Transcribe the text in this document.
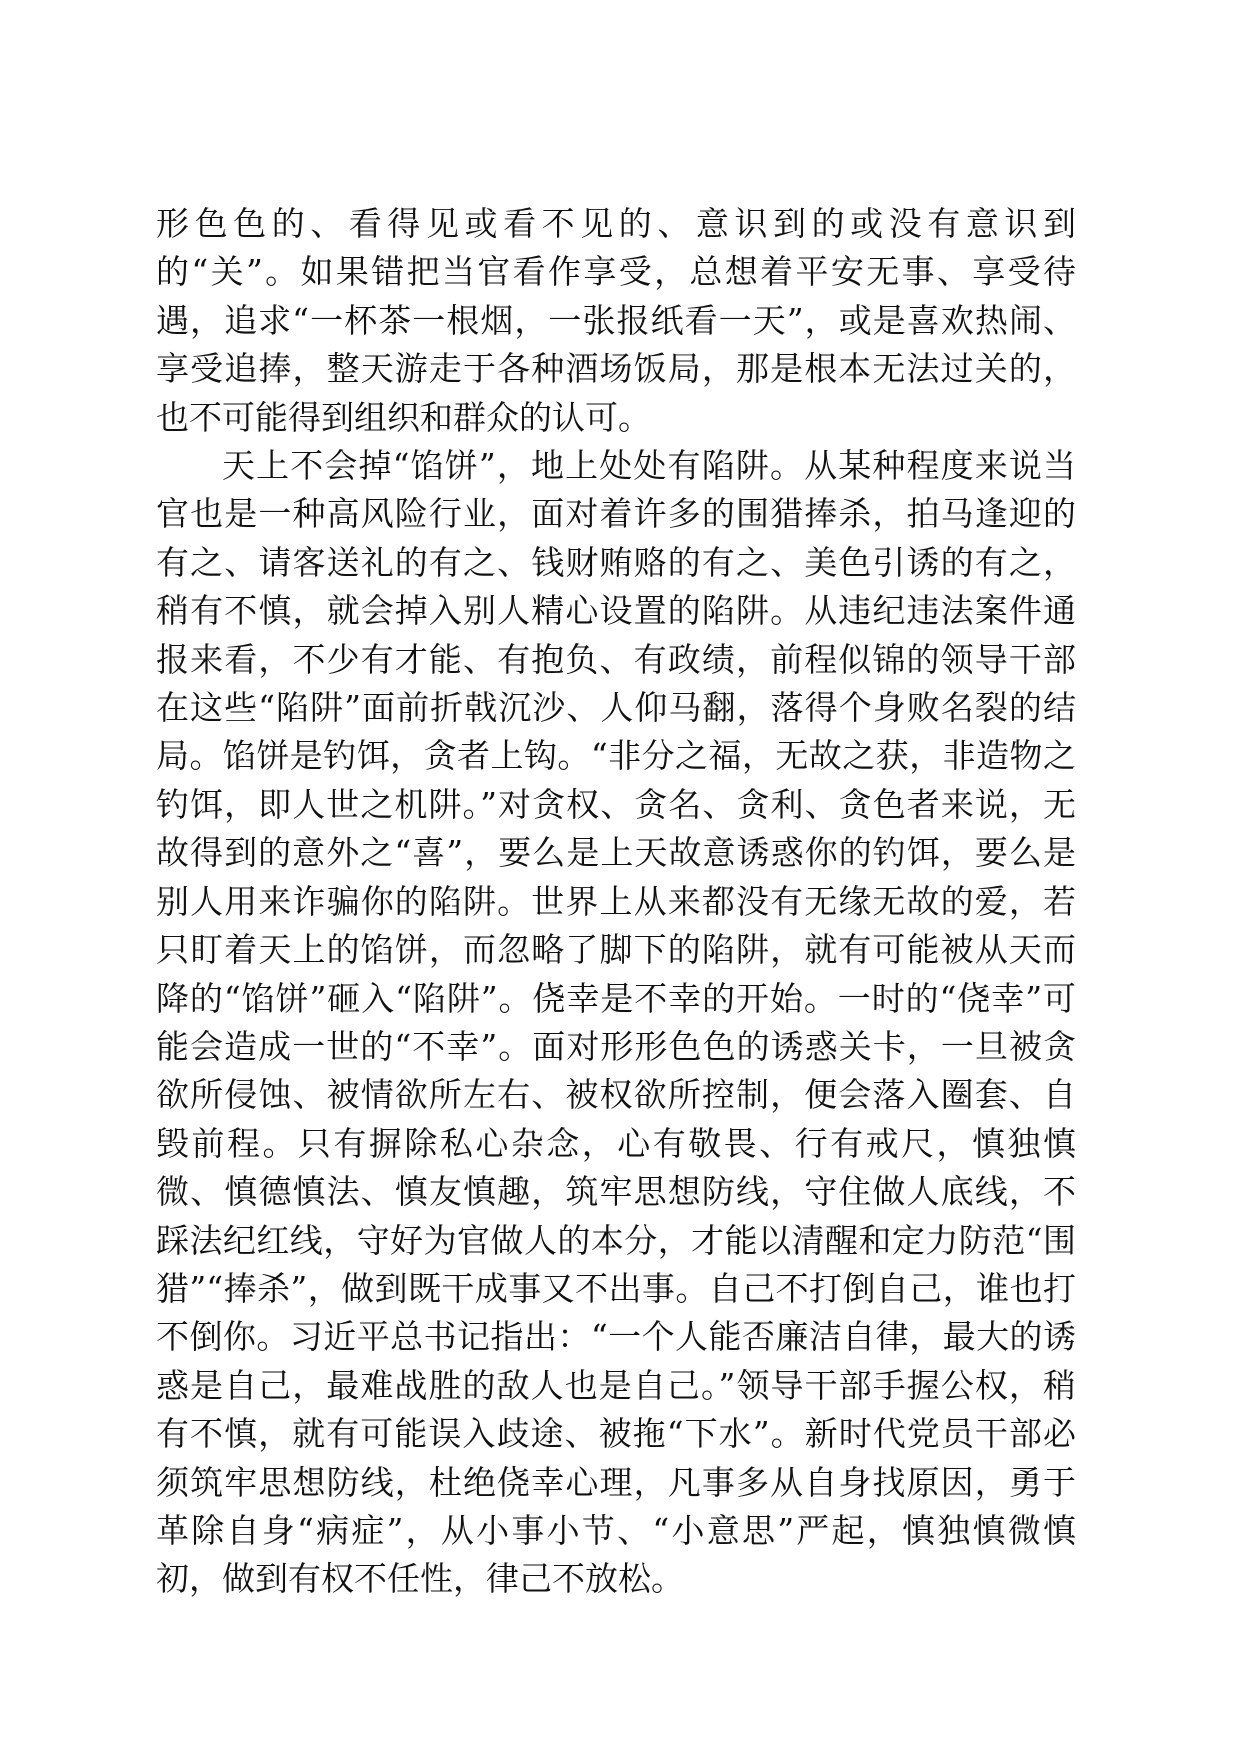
形色色的、看得见或看不见的、意识到的或没有意识到的“关”。如果错把当官看作享受，总想着平安无事、享受待遇，追求“一杯茶一根烟，一张报纸看一天”，或是喜欢热闹、享受追捧，整天游走于各种酒场饭局，那是根本无法过关的，也不可能得到组织和群众的认可。

天上不会掉“馅饼”，地上处处有陷阱。从某种程度来说当官也是一种高风险行业，面对着许多的围猎捧杀，拍马逢迎的有之、请客送礼的有之、钱财贿赂的有之、美色引诱的有之，稍有不慎，就会掉入别人精心设置的陷阱。从违纪违法案件通报来看，不少有才能、有抱负、有政绩，前程似锦的领导干部在这些“陷阱”面前折戟沉沙、人仰马翻，落得个身败名裂的结局。馅饼是钓饵，贪者上钩。“非分之福，无故之获，非造物之钓饵，即人世之机阱。”对贪权、贪名、贪利、贪色者来说，无故得到的意外之“喜”，要么是上天故意诱惑你的钓饵，要么是别人用来诈骗你的陷阱。世界上从来都没有无缘无故的爱，若只盯着天上的馅饼，而忽略了脚下的陷阱，就有可能被从天而降的“馅饼”砸入“陷阱”。侥幸是不幸的开始。一时的“侥幸”可能会造成一世的“不幸”。面对形形色色的诱惑关卡，一旦被贪欲所侵蚀、被情欲所左右、被权欲所控制，便会落入圈套、自毁前程。只有摒除私心杂念，心有敬畏、行有戒尺，慎独慎微、慎德慎法、慎友慎趣，筑牢思想防线，守住做人底线，不踩法纪红线，守好为官做人的本分，才能以清醒和定力防范“围猎”“捧杀”，做到既干成事又不出事。自己不打倒自己，谁也打不倒你。习近平总书记指出：“一个人能否廉洁自律，最大的诱惑是自己，最难战胜的敌人也是自己。”领导干部手握公权，稍有不慎，就有可能误入歧途、被拖“下水”。新时代党员干部必须筑牢思想防线，杜绝侥幸心理，凡事多从自身找原因，勇于革除自身“病症”，从小事小节、“小意思”严起，慎独慎微慎初，做到有权不任性，律己不放松。
